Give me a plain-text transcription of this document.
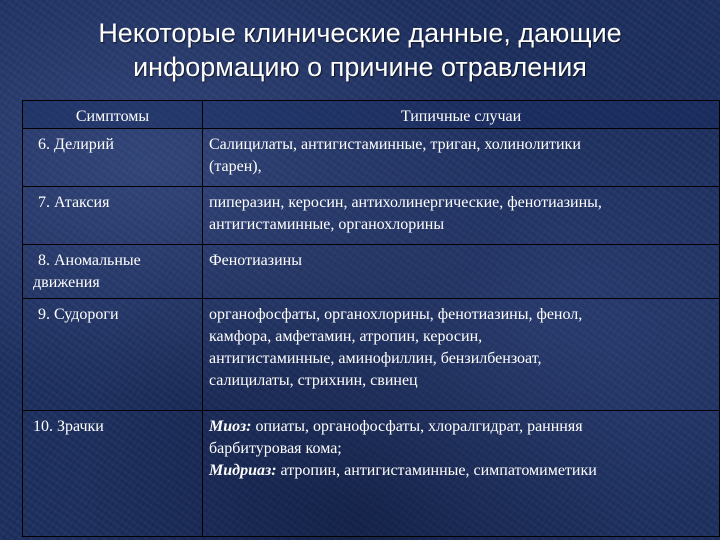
Некоторые клинические данные, дающие
информацию о причине отравления
Симптомы	Типичные случаи
6. Делирий	Салицилаты, антигистаминные, триган, холинолитики
(тарен),

7. Атаксия	пиперазин, керосин, антихолинергические, фенотиазины,
антигистаминные, органохлорины

8. Аномальные
движения	Фенотиазины

9. Судороги	органофосфаты, органохлорины, фенотиазины, фенол,
камфора, амфетамин, атропин, керосин,
антигистаминные, аминофиллин, бензилбензоат,
салицилаты, стрихнин, свинец

10. Зрачки	Миоз: опиаты, органофосфаты, хлоралгидрат, раннняя
барбитуровая кома;
Мидриаз: атропин, антигистаминные, симпатомиметики
